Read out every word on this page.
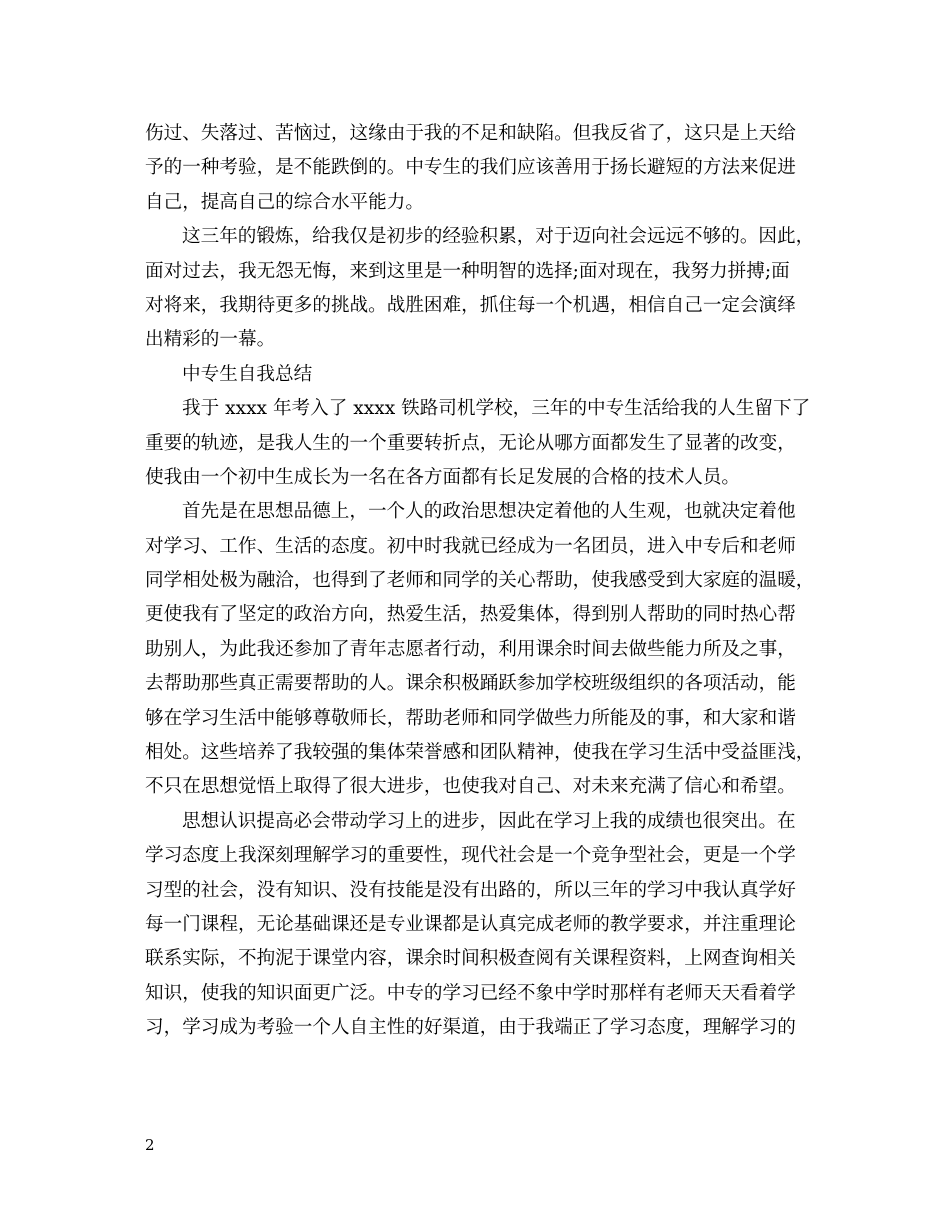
伤过、失落过、苦恼过，这缘由于我的不足和缺陷。但我反省了，这只是上天给
予的一种考验，是不能跌倒的。中专生的我们应该善用于扬长避短的方法来促进
自己，提高自己的综合水平能力。
这三年的锻炼，给我仅是初步的经验积累，对于迈向社会远远不够的。因此，
面对过去，我无怨无悔，来到这里是一种明智的选择;面对现在，我努力拼搏;面
对将来，我期待更多的挑战。战胜困难，抓住每一个机遇，相信自己一定会演绎
出精彩的一幕。
中专生自我总结
我于 xxxx 年考入了 xxxx 铁路司机学校，三年的中专生活给我的人生留下了
重要的轨迹，是我人生的一个重要转折点，无论从哪方面都发生了显著的改变，
使我由一个初中生成长为一名在各方面都有长足发展的合格的技术人员。
首先是在思想品德上，一个人的政治思想决定着他的人生观，也就决定着他
对学习、工作、生活的态度。初中时我就已经成为一名团员，进入中专后和老师
同学相处极为融洽，也得到了老师和同学的关心帮助，使我感受到大家庭的温暖，
更使我有了坚定的政治方向，热爱生活，热爱集体，得到别人帮助的同时热心帮
助别人，为此我还参加了青年志愿者行动，利用课余时间去做些能力所及之事，
去帮助那些真正需要帮助的人。课余积极踊跃参加学校班级组织的各项活动，能
够在学习生活中能够尊敬师长，帮助老师和同学做些力所能及的事，和大家和谐
相处。这些培养了我较强的集体荣誉感和团队精神，使我在学习生活中受益匪浅，
不只在思想觉悟上取得了很大进步，也使我对自己、对未来充满了信心和希望。
思想认识提高必会带动学习上的进步，因此在学习上我的成绩也很突出。在
学习态度上我深刻理解学习的重要性，现代社会是一个竞争型社会，更是一个学
习型的社会，没有知识、没有技能是没有出路的，所以三年的学习中我认真学好
每一门课程，无论基础课还是专业课都是认真完成老师的教学要求，并注重理论
联系实际，不拘泥于课堂内容，课余时间积极查阅有关课程资料，上网查询相关
知识，使我的知识面更广泛。中专的学习已经不象中学时那样有老师天天看着学
习，学习成为考验一个人自主性的好渠道，由于我端正了学习态度，理解学习的
2
